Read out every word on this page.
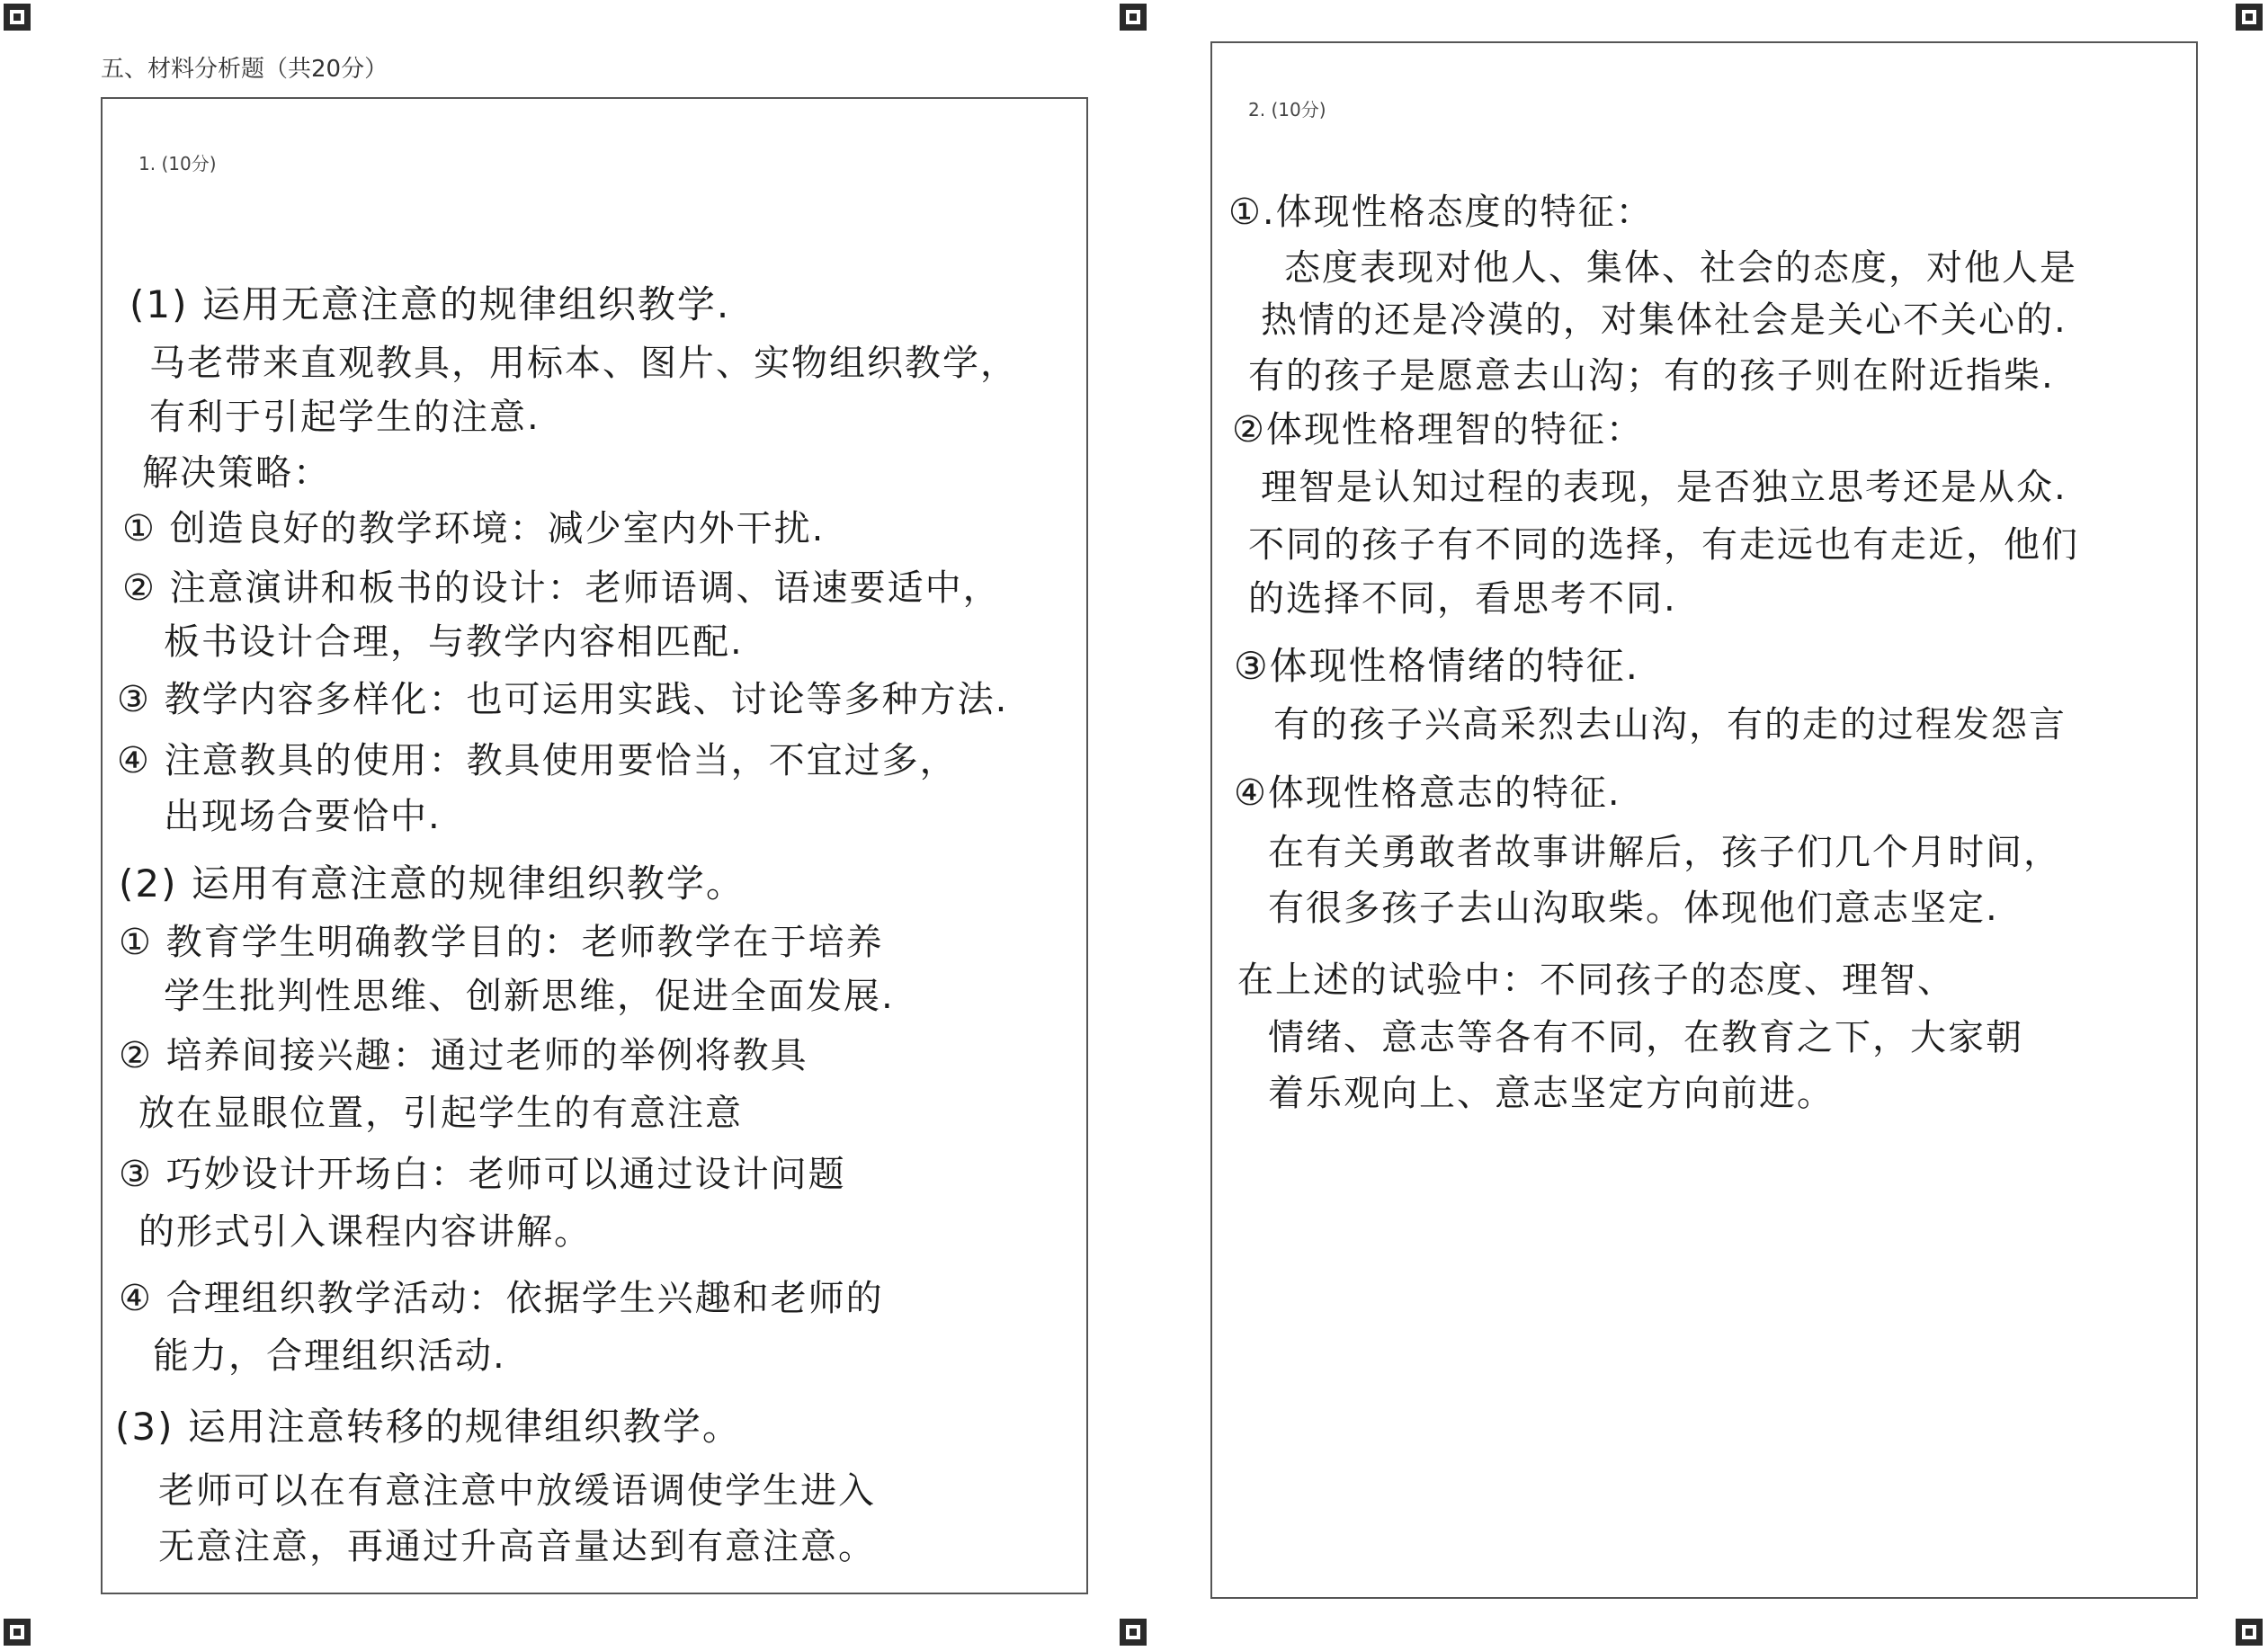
五、材料分析题（共20分）
1. (10分)
(1) 运用无意注意的规律组织教学.
马老带来直观教具，用标本、图片、实物组织教学，
有利于引起学生的注意.
解决策略：
① 创造良好的教学环境：减少室内外干扰.
② 注意演讲和板书的设计：老师语调、语速要适中，
板书设计合理，与教学内容相匹配.
③ 教学内容多样化：也可运用实践、讨论等多种方法.
④ 注意教具的使用：教具使用要恰当，不宜过多，
出现场合要恰中.
(2) 运用有意注意的规律组织教学。
① 教育学生明确教学目的：老师教学在于培养
学生批判性思维、创新思维，促进全面发展.
② 培养间接兴趣：通过老师的举例将教具
放在显眼位置，引起学生的有意注意
③ 巧妙设计开场白：老师可以通过设计问题
的形式引入课程内容讲解。
④ 合理组织教学活动：依据学生兴趣和老师的
能力，合理组织活动.
(3) 运用注意转移的规律组织教学。
老师可以在有意注意中放缓语调使学生进入
无意注意，再通过升高音量达到有意注意。
2. (10分)
①.体现性格态度的特征：
态度表现对他人、集体、社会的态度，对他人是
热情的还是冷漠的，对集体社会是关心不关心的.
有的孩子是愿意去山沟；有的孩子则在附近指柴.
②体现性格理智的特征：
理智是认知过程的表现，是否独立思考还是从众.
不同的孩子有不同的选择，有走远也有走近，他们
的选择不同，看思考不同.
③体现性格情绪的特征.
有的孩子兴高采烈去山沟，有的走的过程发怨言
④体现性格意志的特征.
在有关勇敢者故事讲解后，孩子们几个月时间，
有很多孩子去山沟取柴。体现他们意志坚定.
在上述的试验中：不同孩子的态度、理智、
情绪、意志等各有不同，在教育之下，大家朝
着乐观向上、意志坚定方向前进。
